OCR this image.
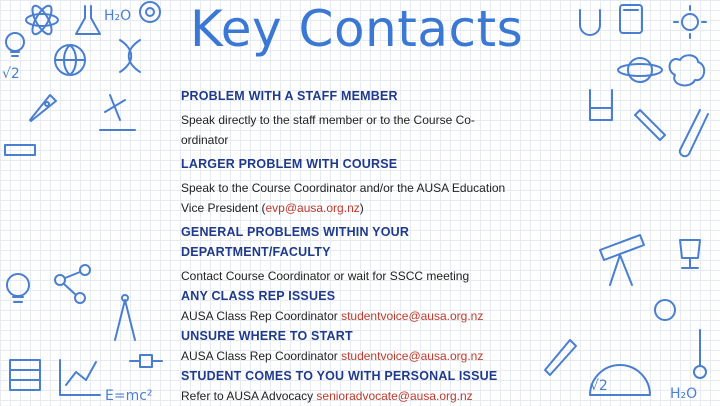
H₂O
√2
√2	H₂O
E=mc²
Key Contacts
PROBLEM WITH A STAFF MEMBER
Speak directly to the staff member or to the Course Co-ordinator
LARGER PROBLEM WITH COURSE
Speak to the Course Coordinator and/or the AUSA Education Vice President (evp@ausa.org.nz)
GENERAL PROBLEMS WITHIN YOUR DEPARTMENT/FACULTY
Contact Course Coordinator or wait for SSCC meeting
ANY CLASS REP ISSUES
AUSA Class Rep Coordinator studentvoice@ausa.org.nz
UNSURE WHERE TO START
AUSA Class Rep Coordinator studentvoice@ausa.org.nz
STUDENT COMES TO YOU WITH PERSONAL ISSUE
Refer to AUSA Advocacy senioradvocate@ausa.org.nz
